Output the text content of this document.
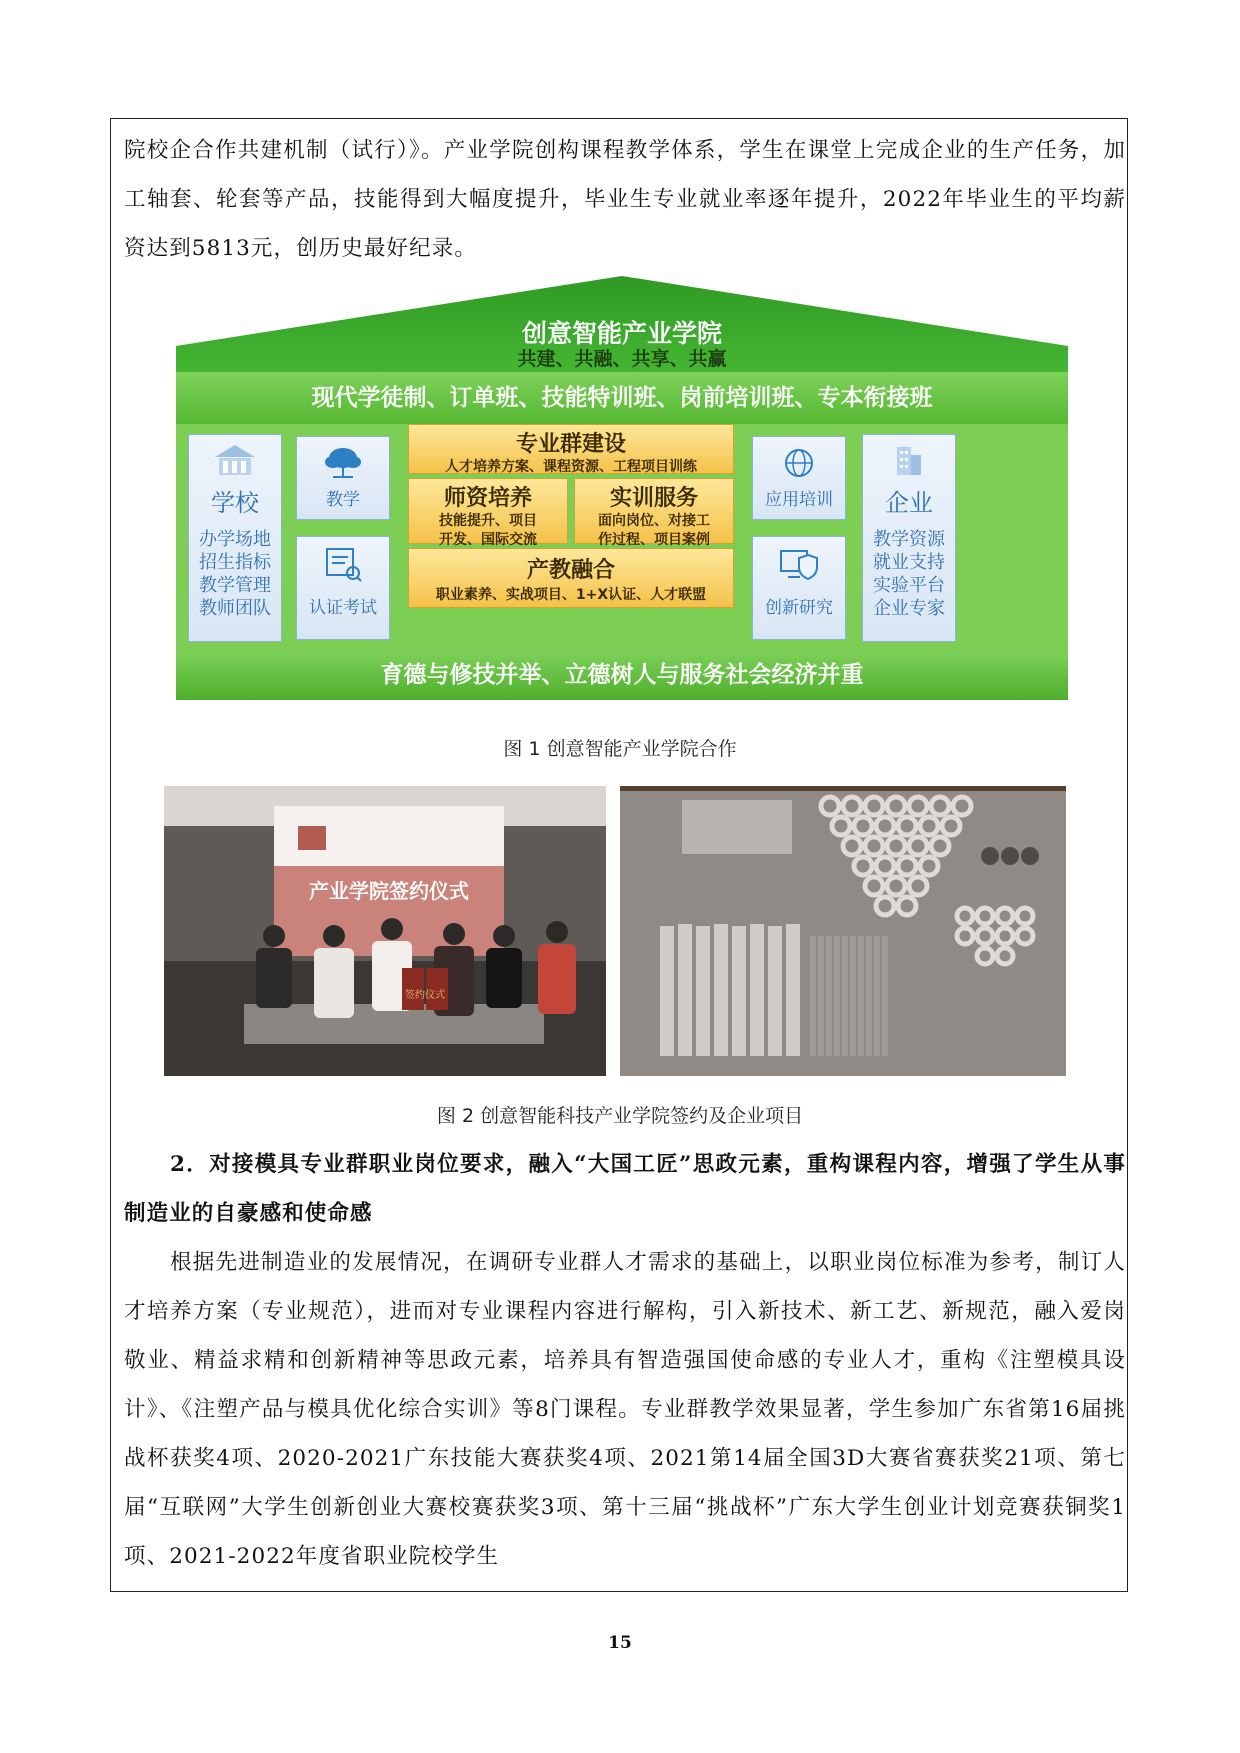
院校企合作共建机制（试行）》。产业学院创构课程教学体系，学生在课堂上完成企业的生产任务，加工轴套、轮套等产品，技能得到大幅度提升，毕业生专业就业率逐年提升，2022年毕业生的平均薪资达到5813元，创历史最好纪录。

创意智能产业学院
共建、共融、共享、共赢
现代学徒制、订单班、技能特训班、岗前培训班、专本衔接班
学校
办学场地
招生指标
教学管理
教师团队
教学
认证考试
专业群建设
人才培养方案、课程资源、工程项目训练
师资培养
技能提升、项目
开发、国际交流
实训服务
面向岗位、对接工
作过程、项目案例
产教融合
职业素养、实战项目、1+X认证、人才联盟
应用培训
创新研究
企业
教学资源
就业支持
实验平台
企业专家
育德与修技并举、立德树人与服务社会经济并重
图 1 创意智能产业学院合作
产业学院签约仪式
签约仪式
图 2 创意智能科技产业学院签约及企业项目

2．对接模具专业群职业岗位要求，融入“大国工匠”思政元素，重构课程内容，增强了学生从事制造业的自豪感和使命感

根据先进制造业的发展情况，在调研专业群人才需求的基础上，以职业岗位标准为参考，制订人才培养方案（专业规范），进而对专业课程内容进行解构，引入新技术、新工艺、新规范，融入爱岗敬业、精益求精和创新精神等思政元素，培养具有智造强国使命感的专业人才，重构《注塑模具设计》、《注塑产品与模具优化综合实训》等8门课程。专业群教学效果显著，学生参加广东省第16届挑战杯获奖4项、2020-2021广东技能大赛获奖4项、2021第14届全国3D大赛省赛获奖21项、第七届“互联网”大学生创新创业大赛校赛获奖3项、第十三届“挑战杯”广东大学生创业计划竞赛获铜奖1项、2021-2022年度省职业院校学生

15
